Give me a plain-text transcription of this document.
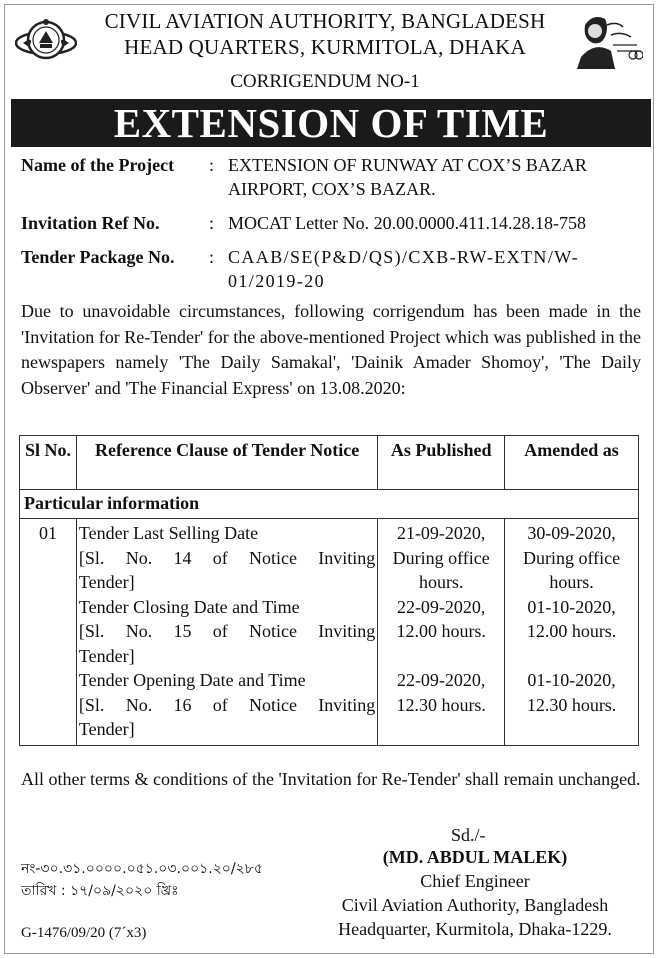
CIVIL AVIATION AUTHORITY, BANGLADESH
HEAD QUARTERS, KURMITOLA, DHAKA
CORRIGENDUM NO-1
EXTENSION OF TIME
Name of the Project	: EXTENSION OF RUNWAY AT COX’S BAZAR AIRPORT, COX’S BAZAR.
Invitation Ref No.	: MOCAT Letter No. 20.00.0000.411.14.28.18-758
Tender Package No.	: CAAB/SE(P&D/QS)/CXB-RW-EXTN/W-01/2019-20
Due to unavoidable circumstances, following corrigendum has been made in the 'Invitation for Re-Tender' for the above-mentioned Project which was published in the newspapers namely 'The Daily Samakal', 'Dainik Amader Shomoy', 'The Daily Observer' and 'The Financial Express' on 13.08.2020:
Sl No.	Reference Clause of Tender Notice	As Published	Amended as
Particular information			
01	Tender Last Selling Date
[Sl. No. 14 of Notice Inviting
Tender]	21-09-2020, During office hours.	30-09-2020, During office hours.

	Tender Closing Date and Time
[Sl. No. 15 of Notice Inviting
Tender]	22-09-2020, 12.00 hours.	01-10-2020, 12.00 hours.

	Tender Opening Date and Time
[Sl. No. 16 of Notice Inviting
Tender]	22-09-2020, 12.30 hours.	01-10-2020, 12.30 hours.
All other terms & conditions of the 'Invitation for Re-Tender' shall remain unchanged.
Sd./-
(MD. ABDUL MALEK)
Chief Engineer
Civil Aviation Authority, Bangladesh
Headquarter, Kurmitola, Dhaka-1229.
নং-৩০.৩১.০০০০.০৫১.০৩.০০১.২০/২৮৫
তারিখ : ১৭/০৯/২০২০ খ্রিঃ
G-1476/09/20 (7´x3)
